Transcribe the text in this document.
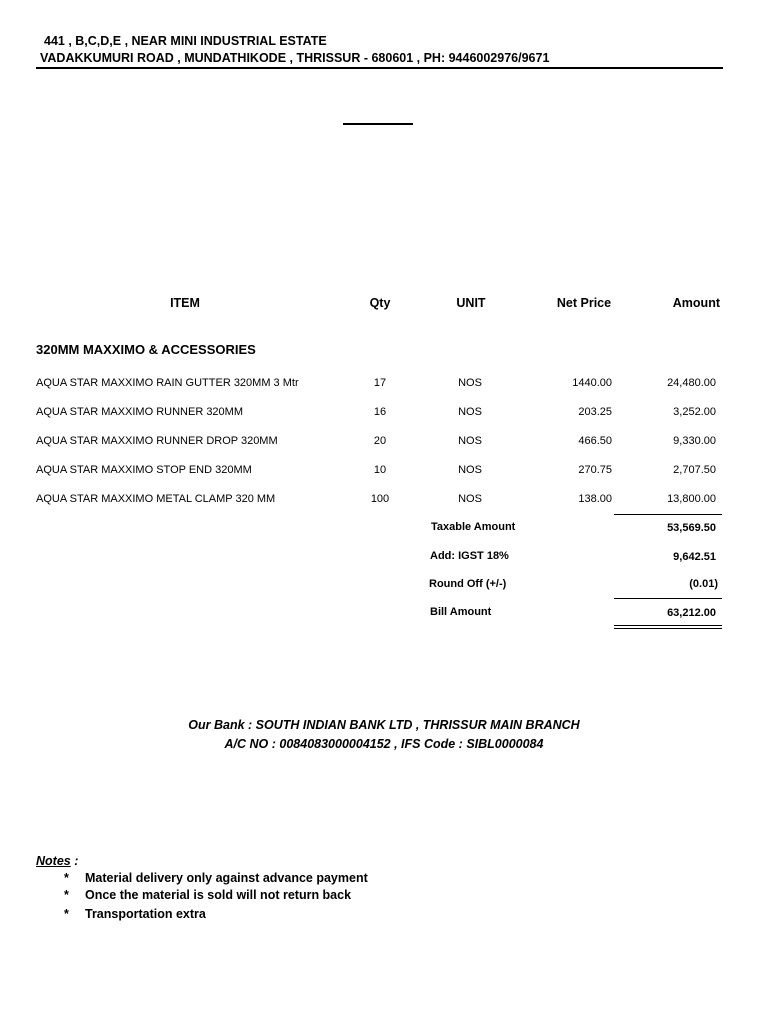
441 , B,C,D,E , NEAR MINI INDUSTRIAL ESTATE
VADAKKUMURI ROAD , MUNDATHIKODE , THRISSUR - 680601 , PH: 9446002976/9671
ITEM	Qty	UNIT	Net Price	Amount
320MM MAXXIMO & ACCESSORIES
AQUA STAR MAXXIMO RAIN GUTTER 320MM 3 Mtr	17	NOS	1440.00	24,480.00
AQUA STAR MAXXIMO RUNNER 320MM	16	NOS	203.25	3,252.00
AQUA STAR MAXXIMO RUNNER DROP 320MM	20	NOS	466.50	9,330.00
AQUA STAR MAXXIMO STOP END 320MM	10	NOS	270.75	2,707.50
AQUA STAR MAXXIMO METAL CLAMP 320 MM	100	NOS	138.00	13,800.00
Taxable Amount	53,569.50
Add: IGST 18%	9,642.51
Round Off (+/-)	(0.01)
Bill Amount	63,212.00
Our Bank : SOUTH INDIAN BANK LTD , THRISSUR MAIN BRANCH
A/C NO : 0084083000004152 , IFS Code : SIBL0000084
Notes :
* Material delivery only against advance payment
* Once the material is sold will not return back
* Transportation extra
